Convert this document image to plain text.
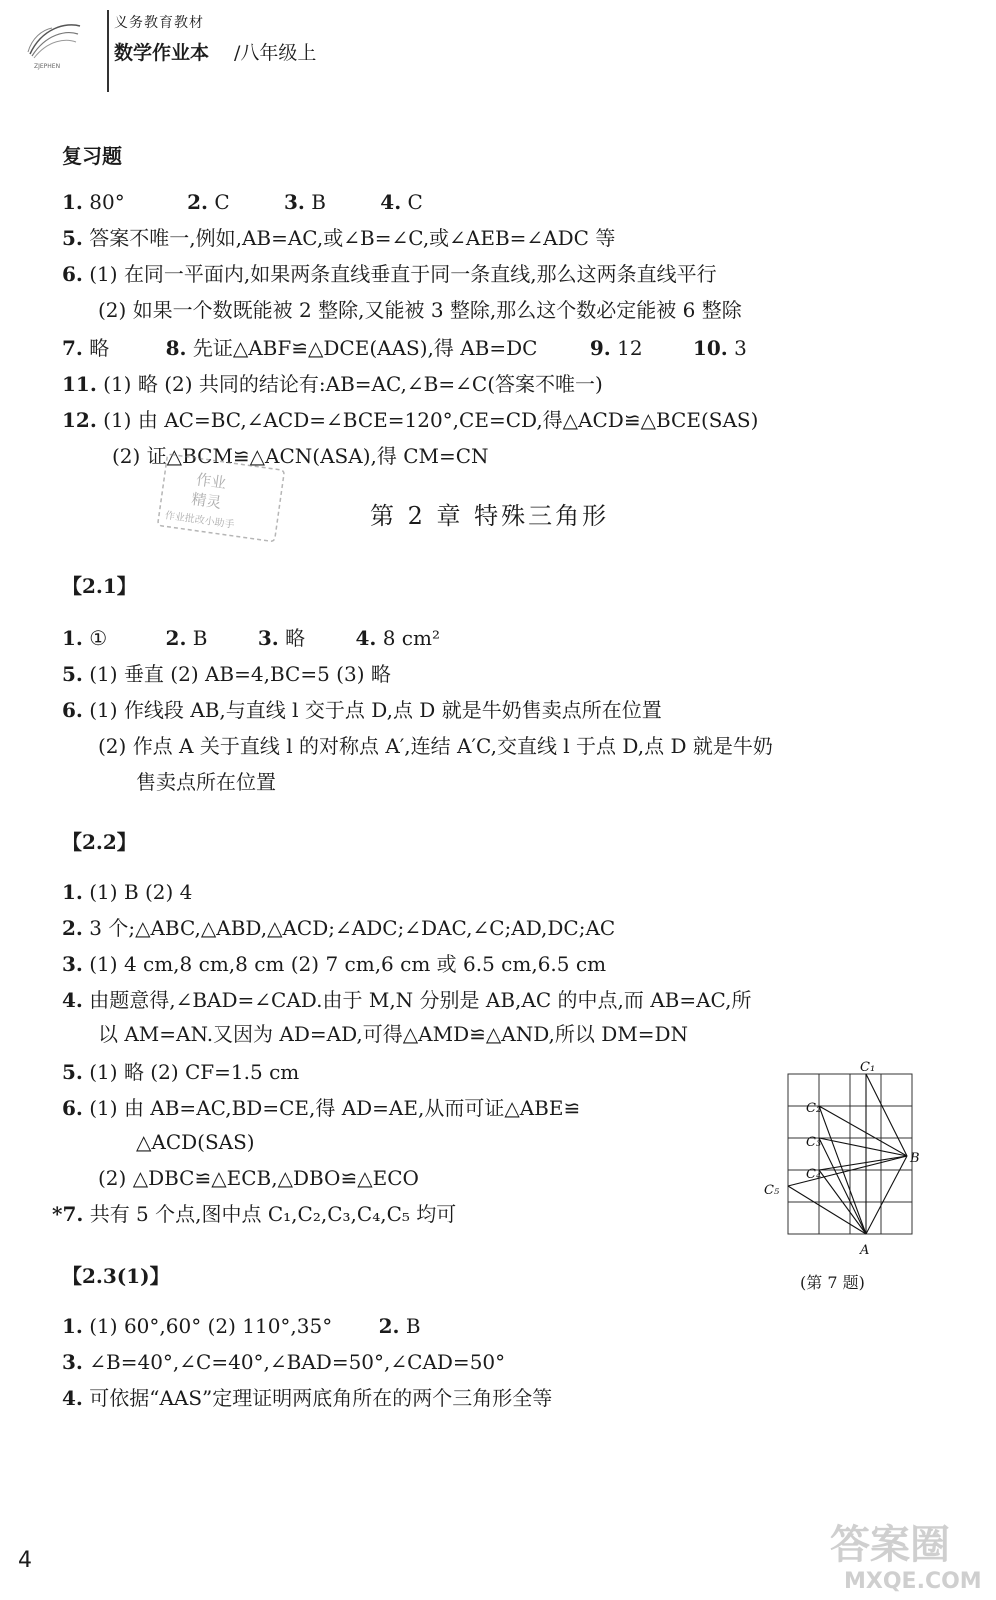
ZJEPHEN
义务教育教材
数学作业本 /八年级上
复习题
1. 80°	2. C	3. B	4. C
5. 答案不唯一,例如,AB=AC,或∠B=∠C,或∠AEB=∠ADC 等
6. (1) 在同一平面内,如果两条直线垂直于同一条直线,那么这两条直线平行
(2) 如果一个数既能被 2 整除,又能被 3 整除,那么这个数必定能被 6 整除
7. 略	8. 先证△ABF≌△DCE(AAS),得 AB=DC	9. 12	10. 3
11. (1) 略 (2) 共同的结论有:AB=AC,∠B=∠C(答案不唯一)
12. (1) 由 AC=BC,∠ACD=∠BCE=120°,CE=CD,得△ACD≌△BCE(SAS)
(2) 证△BCM≌△ACN(ASA),得 CM=CN
作业
精灵
作业批改小助手	第 2 章 特殊三角形
【2.1】
1. ①	2. B	3. 略	4. 8 cm²
5. (1) 垂直 (2) AB=4,BC=5 (3) 略
6. (1) 作线段 AB,与直线 l 交于点 D,点 D 就是牛奶售卖点所在位置
(2) 作点 A 关于直线 l 的对称点 A′,连结 A′C,交直线 l 于点 D,点 D 就是牛奶
售卖点所在位置
【2.2】
1. (1) B (2) 4
2. 3 个;△ABC,△ABD,△ACD;∠ADC;∠DAC,∠C;AD,DC;AC
3. (1) 4 cm,8 cm,8 cm (2) 7 cm,6 cm 或 6.5 cm,6.5 cm
4. 由题意得,∠BAD=∠CAD.由于 M,N 分别是 AB,AC 的中点,而 AB=AC,所
以 AM=AN.又因为 AD=AD,可得△AMD≌△AND,所以 DM=DN
5. (1) 略 (2) CF=1.5 cm
6. (1) 由 AB=AC,BD=CE,得 AD=AE,从而可证△ABE≌
△ACD(SAS)
(2) △DBC≌△ECB,△DBO≌△ECO
*7. 共有 5 个点,图中点 C₁,C₂,C₃,C₄,C₅ 均可
C₁
C₂
C₃
C₄
C₅
B
A
(第 7 题)
【2.3(1)】
1. (1) 60°,60° (2) 110°,35° 2. B
3. ∠B=40°,∠C=40°,∠BAD=50°,∠CAD=50°
4. 可依据“AAS”定理证明两底角所在的两个三角形全等
4	答案圈
MXQE.COM
